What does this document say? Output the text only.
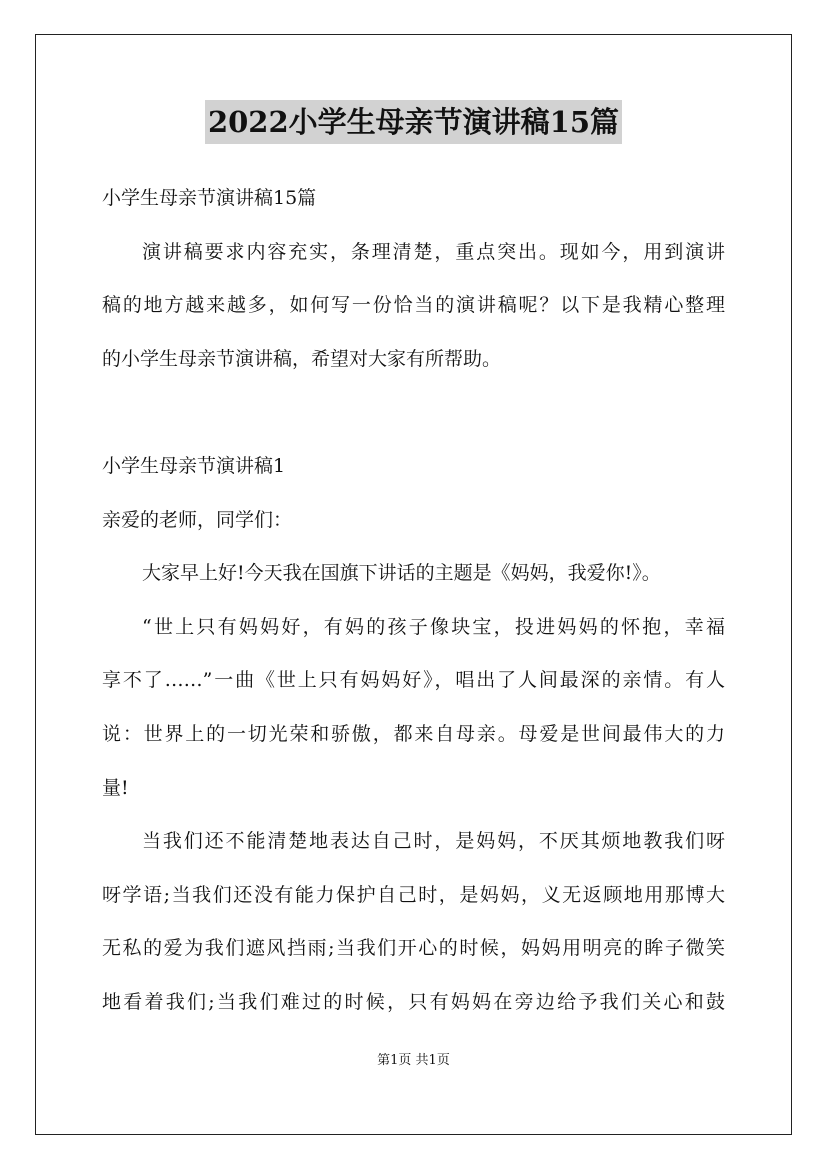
2022小学生母亲节演讲稿15篇
小学生母亲节演讲稿15篇
演讲稿要求内容充实，条理清楚，重点突出。现如今，用到演讲
稿的地方越来越多，如何写一份恰当的演讲稿呢？以下是我精心整理
的小学生母亲节演讲稿，希望对大家有所帮助。

小学生母亲节演讲稿1
亲爱的老师，同学们：
大家早上好!今天我在国旗下讲话的主题是《妈妈，我爱你!》。
“世上只有妈妈好，有妈的孩子像块宝，投进妈妈的怀抱，幸福
享不了……”一曲《世上只有妈妈好》，唱出了人间最深的亲情。有人
说：世界上的一切光荣和骄傲，都来自母亲。母爱是世间最伟大的力
量!
当我们还不能清楚地表达自己时，是妈妈，不厌其烦地教我们呀
呀学语;当我们还没有能力保护自己时，是妈妈，义无返顾地用那博大
无私的爱为我们遮风挡雨;当我们开心的时候，妈妈用明亮的眸子微笑
地看着我们;当我们难过的时候，只有妈妈在旁边给予我们关心和鼓
第1页 共1页
